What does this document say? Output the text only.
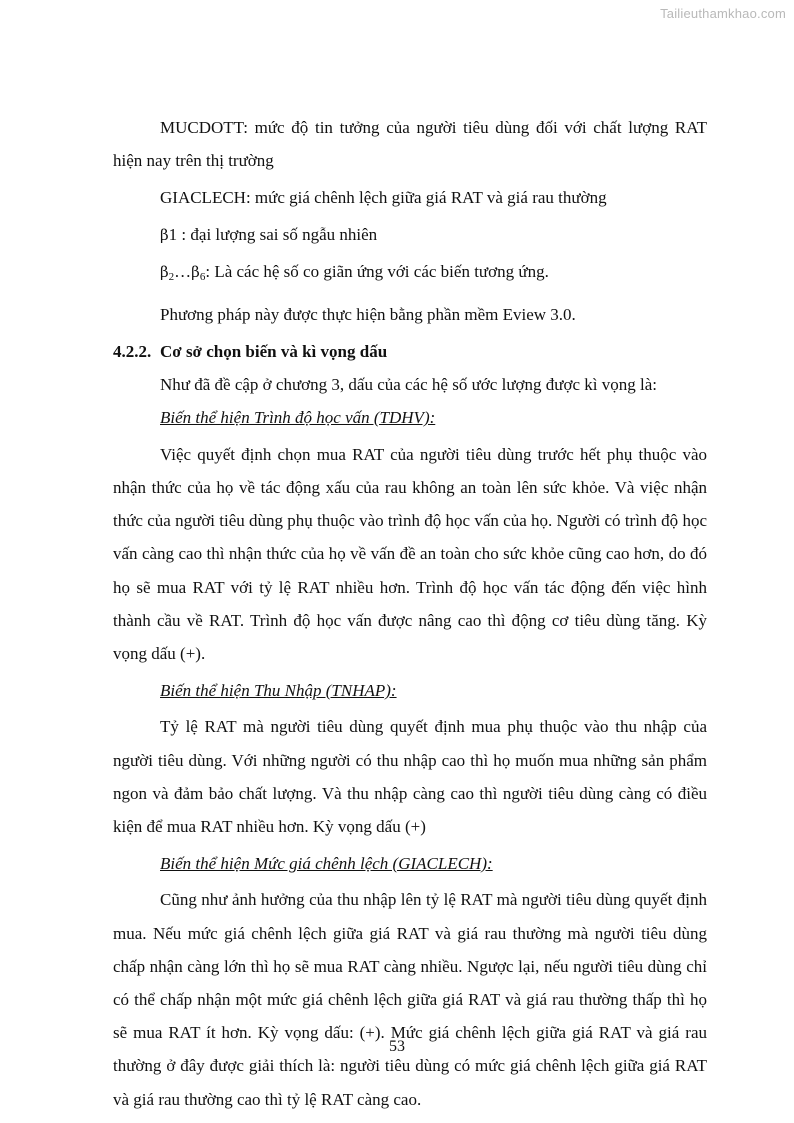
Tailieuthamkhao.com

MUCDOTT: mức độ tin tưởng của người tiêu dùng đối với chất lượng RAT hiện nay trên thị trường

GIACLECH: mức giá chênh lệch giữa giá RAT và giá rau thường

β1 : đại lượng sai số ngẫu nhiên

β2…β6: Là các hệ số co giãn ứng với các biến tương ứng.

Phương pháp này được thực hiện bằng phần mềm Eview 3.0.

4.2.2. Cơ sở chọn biến và kì vọng dấu

Như đã đề cập ở chương 3, dấu của các hệ số ước lượng được kì vọng là:

Biến thể hiện Trình độ học vấn (TDHV):

Việc quyết định chọn mua RAT của người tiêu dùng trước hết phụ thuộc vào nhận thức của họ về tác động xấu của rau không an toàn lên sức khỏe. Và việc nhận thức của người tiêu dùng phụ thuộc vào trình độ học vấn của họ. Người có trình độ học vấn càng cao thì nhận thức của họ về vấn đề an toàn cho sức khỏe cũng cao hơn, do đó họ sẽ mua RAT với tỷ lệ RAT nhiều hơn. Trình độ học vấn tác động đến việc hình thành cầu về RAT. Trình độ học vấn được nâng cao thì động cơ tiêu dùng tăng. Kỳ vọng dấu (+).

Biến thể hiện Thu Nhập (TNHAP):

Tỷ lệ RAT mà người tiêu dùng quyết định mua phụ thuộc vào thu nhập của người tiêu dùng. Với những người có thu nhập cao thì họ muốn mua những sản phẩm ngon và đảm bảo chất lượng. Và thu nhập càng cao thì người tiêu dùng càng có điều kiện để mua RAT nhiều hơn. Kỳ vọng dấu (+)

Biến thể hiện Mức giá chênh lệch (GIACLECH):

Cũng như ảnh hưởng của thu nhập lên tỷ lệ RAT mà người tiêu dùng quyết định mua. Nếu mức giá chênh lệch giữa giá RAT và giá rau thường mà người tiêu dùng chấp nhận càng lớn thì họ sẽ mua RAT càng nhiều. Ngược lại, nếu người tiêu dùng chỉ có thể chấp nhận một mức giá chênh lệch giữa giá RAT và giá rau thường thấp thì họ sẽ mua RAT ít hơn. Kỳ vọng dấu: (+). Mức giá chênh lệch giữa giá RAT và giá rau thường ở đây được giải thích là: người tiêu dùng có mức giá chênh lệch giữa giá RAT và giá rau thường cao thì tỷ lệ RAT càng cao.

53
